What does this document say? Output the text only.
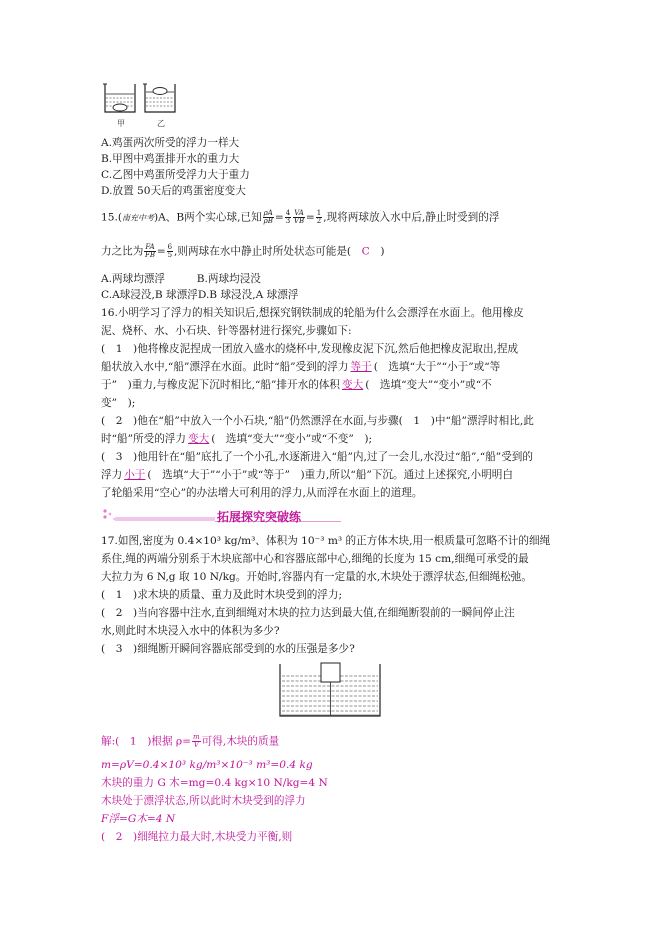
甲	乙
A.鸡蛋两次所受的浮力一样大
B.甲图中鸡蛋排开水的重力大
C.乙图中鸡蛋所受浮力大于重力
D.放置 50天后的鸡蛋密度变大
15.(南充中考)A、B两个实心球,已知 $\frac{\rho A}{\rho B} = \frac{4}{3} \frac{VA}{VB} = \frac{1}{2}$ ,现将两球放入水中后,静止时受到的浮
力之比为 $\frac{FA}{FB} = \frac{6}{5}$ ,则两球在水中静止时所处状态可能是(　 C　 )
A.两球均漂浮　　　B.两球均浸没
C.A球浸没,B 球漂浮D.B 球浸没,A 球漂浮
16.小明学习了浮力的相关知识后,想探究钢铁制成的轮船为什么会漂浮在水面上。他用橡皮
泥、烧杯、水、小石块、针等器材进行探究,步骤如下:
(　1　)他将橡皮泥捏成一团放入盛水的烧杯中,发现橡皮泥下沉,然后他把橡皮泥取出,捏成
船状放入水中,“船”漂浮在水面。此时“船”受到的浮力 等于 (　选填“大于”“小于”或“等
于”　)重力,与橡皮泥下沉时相比,“船”排开水的体积 变大 (　选填“变大”“变小”或“不
变”　);
(　2　)他在“船”中放入一个小石块,“船”仍然漂浮在水面,与步骤(　1　)中“船”漂浮时相比,此
时“船”所受的浮力 变大 (　选填“变大”“变小”或“不变”　);
(　3　)他用针在“船”底扎了一个小孔,水逐渐进入“船”内,过了一会儿,水没过“船”,“船”受到的
浮力 小于 (　选填“大于”“小于”或“等于”　)重力,所以“船”下沉。通过上述探究,小明明白
了轮船采用“空心”的办法增大可利用的浮力,从而浮在水面上的道理。
拓展探究突破练
17.如图,密度为 0.4×10³ kg/m³、体积为 10⁻³ m³ 的正方体木块,用一根质量可忽略不计的细绳
系住,绳的两端分别系于木块底部中心和容器底部中心,细绳的长度为 15 cm,细绳可承受的最
大拉力为 6 N,g 取 10 N/kg。开始时,容器内有一定量的水,木块处于漂浮状态,但细绳松弛。
(　1　)求木块的质量、重力及此时木块受到的浮力;
(　2　)当向容器中注水,直到细绳对木块的拉力达到最大值,在细绳断裂前的一瞬间停止注
水,则此时木块浸入水中的体积为多少?
(　3　)细绳断开瞬间容器底部受到的水的压强是多少?
解:(　1　)根据 $\rho= \frac{m}{V}$ 可得,木块的质量
m=ρV=0.4×10³ kg/m³×10⁻³ m³=0.4 kg
木块的重力 G 木=mg=0.4 kg×10 N/kg=4 N
木块处于漂浮状态,所以此时木块受到的浮力
F浮=G木=4 N
(　2　)细绳拉力最大时,木块受力平衡,则
